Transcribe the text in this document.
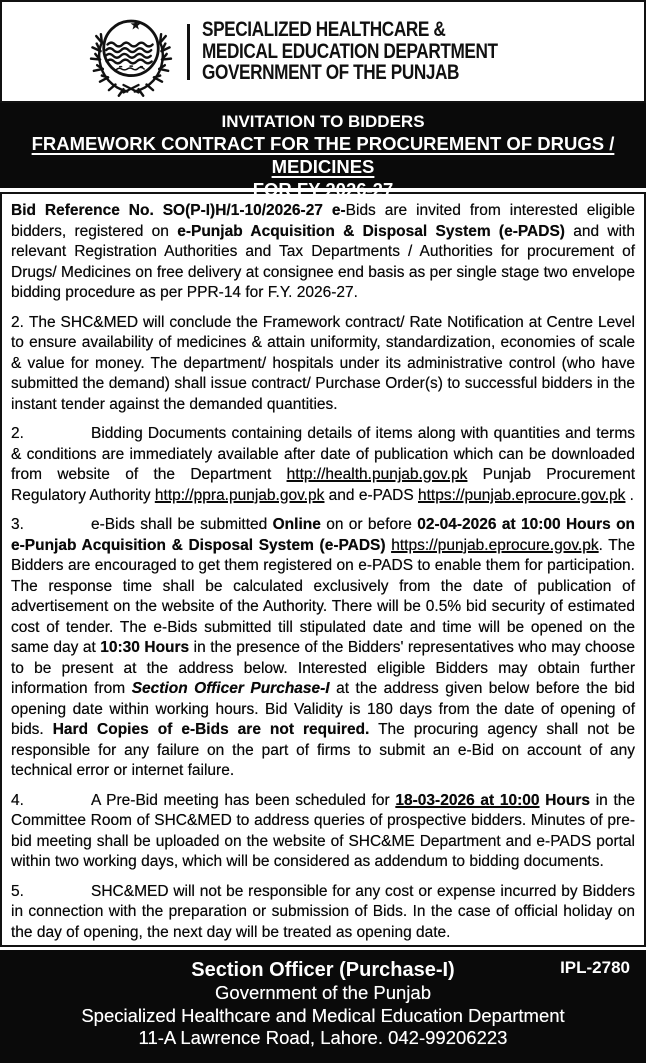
SPECIALIZED HEALTHCARE &
MEDICAL EDUCATION DEPARTMENT
GOVERNMENT OF THE PUNJAB
INVITATION TO BIDDERS
FRAMEWORK CONTRACT FOR THE PROCUREMENT OF DRUGS / MEDICINES
FOR FY 2026-27

Bid Reference No. SO(P-I)H/1-10/2026-27 e-Bids are invited from interested eligible bidders, registered on e-Punjab Acquisition & Disposal System (e-PADS) and with relevant Registration Authorities and Tax Departments / Authorities for procurement of Drugs/ Medicines on free delivery at consignee end basis as per single stage two envelope bidding procedure as per PPR-14 for F.Y. 2026-27.

2. The SHC&MED will conclude the Framework contract/ Rate Notification at Centre Level to ensure availability of medicines & attain uniformity, standardization, economies of scale & value for money. The department/ hospitals under its administrative control (who have submitted the demand) shall issue contract/ Purchase Order(s) to successful bidders in the instant tender against the demanded quantities.

2.	Bidding Documents containing details of items along with quantities and terms & conditions are immediately available after date of publication which can be downloaded from website of the Department http://health.punjab.gov.pk Punjab Procurement Regulatory Authority http://ppra.punjab.gov.pk and e-PADS https://punjab.eprocure.gov.pk .

3.	e-Bids shall be submitted Online on or before 02-04-2026 at 10:00 Hours on e-Punjab Acquisition & Disposal System (e-PADS) https://punjab.eprocure.gov.pk. The Bidders are encouraged to get them registered on e-PADS to enable them for participation. The response time shall be calculated exclusively from the date of publication of advertisement on the website of the Authority. There will be 0.5% bid security of estimated cost of tender. The e-Bids submitted till stipulated date and time will be opened on the same day at 10:30 Hours in the presence of the Bidders' representatives who may choose to be present at the address below. Interested eligible Bidders may obtain further information from Section Officer Purchase-I at the address given below before the bid opening date within working hours. Bid Validity is 180 days from the date of opening of bids. Hard Copies of e-Bids are not required. The procuring agency shall not be responsible for any failure on the part of firms to submit an e-Bid on account of any technical error or internet failure.

4.	A Pre-Bid meeting has been scheduled for 18-03-2026 at 10:00 Hours in the Committee Room of SHC&MED to address queries of prospective bidders. Minutes of pre-bid meeting shall be uploaded on the website of SHC&ME Department and e-PADS portal within two working days, which will be considered as addendum to bidding documents.

5.	SHC&MED will not be responsible for any cost or expense incurred by Bidders in connection with the preparation or submission of Bids. In the case of official holiday on the day of opening, the next day will be treated as opening date.

IPL-2780
Section Officer (Purchase-I)
Government of the Punjab
Specialized Healthcare and Medical Education Department
11-A Lawrence Road, Lahore. 042-99206223
